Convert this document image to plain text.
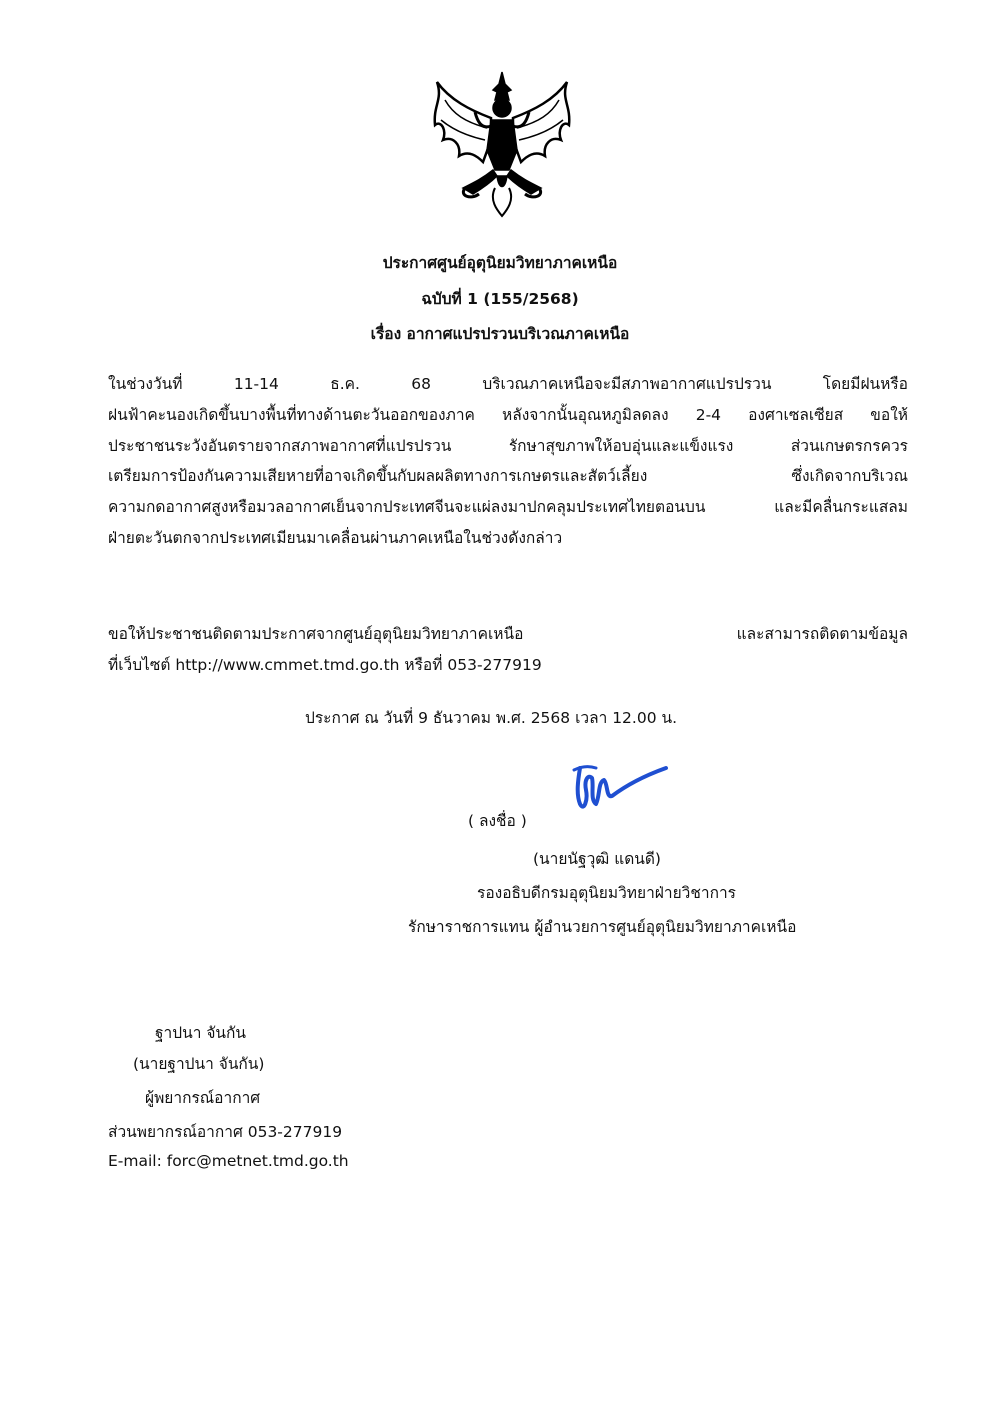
ประกาศศูนย์อุตุนิยมวิทยาภาคเหนือ
ฉบับที่ 1 (155/2568)
เรื่อง อากาศแปรปรวนบริเวณภาคเหนือ
ในช่วงวันที่ 11-14 ธ.ค. 68 บริเวณภาคเหนือจะมีสภาพอากาศแปรปรวน โดยมีฝนหรือ
ฝนฟ้าคะนองเกิดขึ้นบางพื้นที่ทางด้านตะวันออกของภาค หลังจากนั้นอุณหภูมิลดลง 2-4 องศาเซลเซียส ขอให้
ประชาชนระวังอันตรายจากสภาพอากาศที่แปรปรวน รักษาสุขภาพให้อบอุ่นและแข็งแรง ส่วนเกษตรกรควร
เตรียมการป้องกันความเสียหายที่อาจเกิดขึ้นกับผลผลิตทางการเกษตรและสัตว์เลี้ยง ซึ่งเกิดจากบริเวณ
ความกดอากาศสูงหรือมวลอากาศเย็นจากประเทศจีนจะแผ่ลงมาปกคลุมประเทศไทยตอนบน และมีคลื่นกระแสลม
ฝ่ายตะวันตกจากประเทศเมียนมาเคลื่อนผ่านภาคเหนือในช่วงดังกล่าว
ขอให้ประชาชนติดตามประกาศจากศูนย์อุตุนิยมวิทยาภาคเหนือ และสามารถติดตามข้อมูล
ที่เว็บไซต์ http://www.cmmet.tmd.go.th หรือที่ 053-277919
ประกาศ ณ วันที่ 9 ธันวาคม พ.ศ. 2568 เวลา 12.00 น.
( ลงชื่อ )
(นายนัฐวุฒิ แดนดี)
รองอธิบดีกรมอุตุนิยมวิทยาฝ่ายวิชาการ
รักษาราชการแทน ผู้อำนวยการศูนย์อุตุนิยมวิทยาภาคเหนือ
ฐาปนา จันกัน
(นายฐาปนา จันกัน)
ผู้พยากรณ์อากาศ
ส่วนพยากรณ์อากาศ 053-277919
E-mail: forc@metnet.tmd.go.th
